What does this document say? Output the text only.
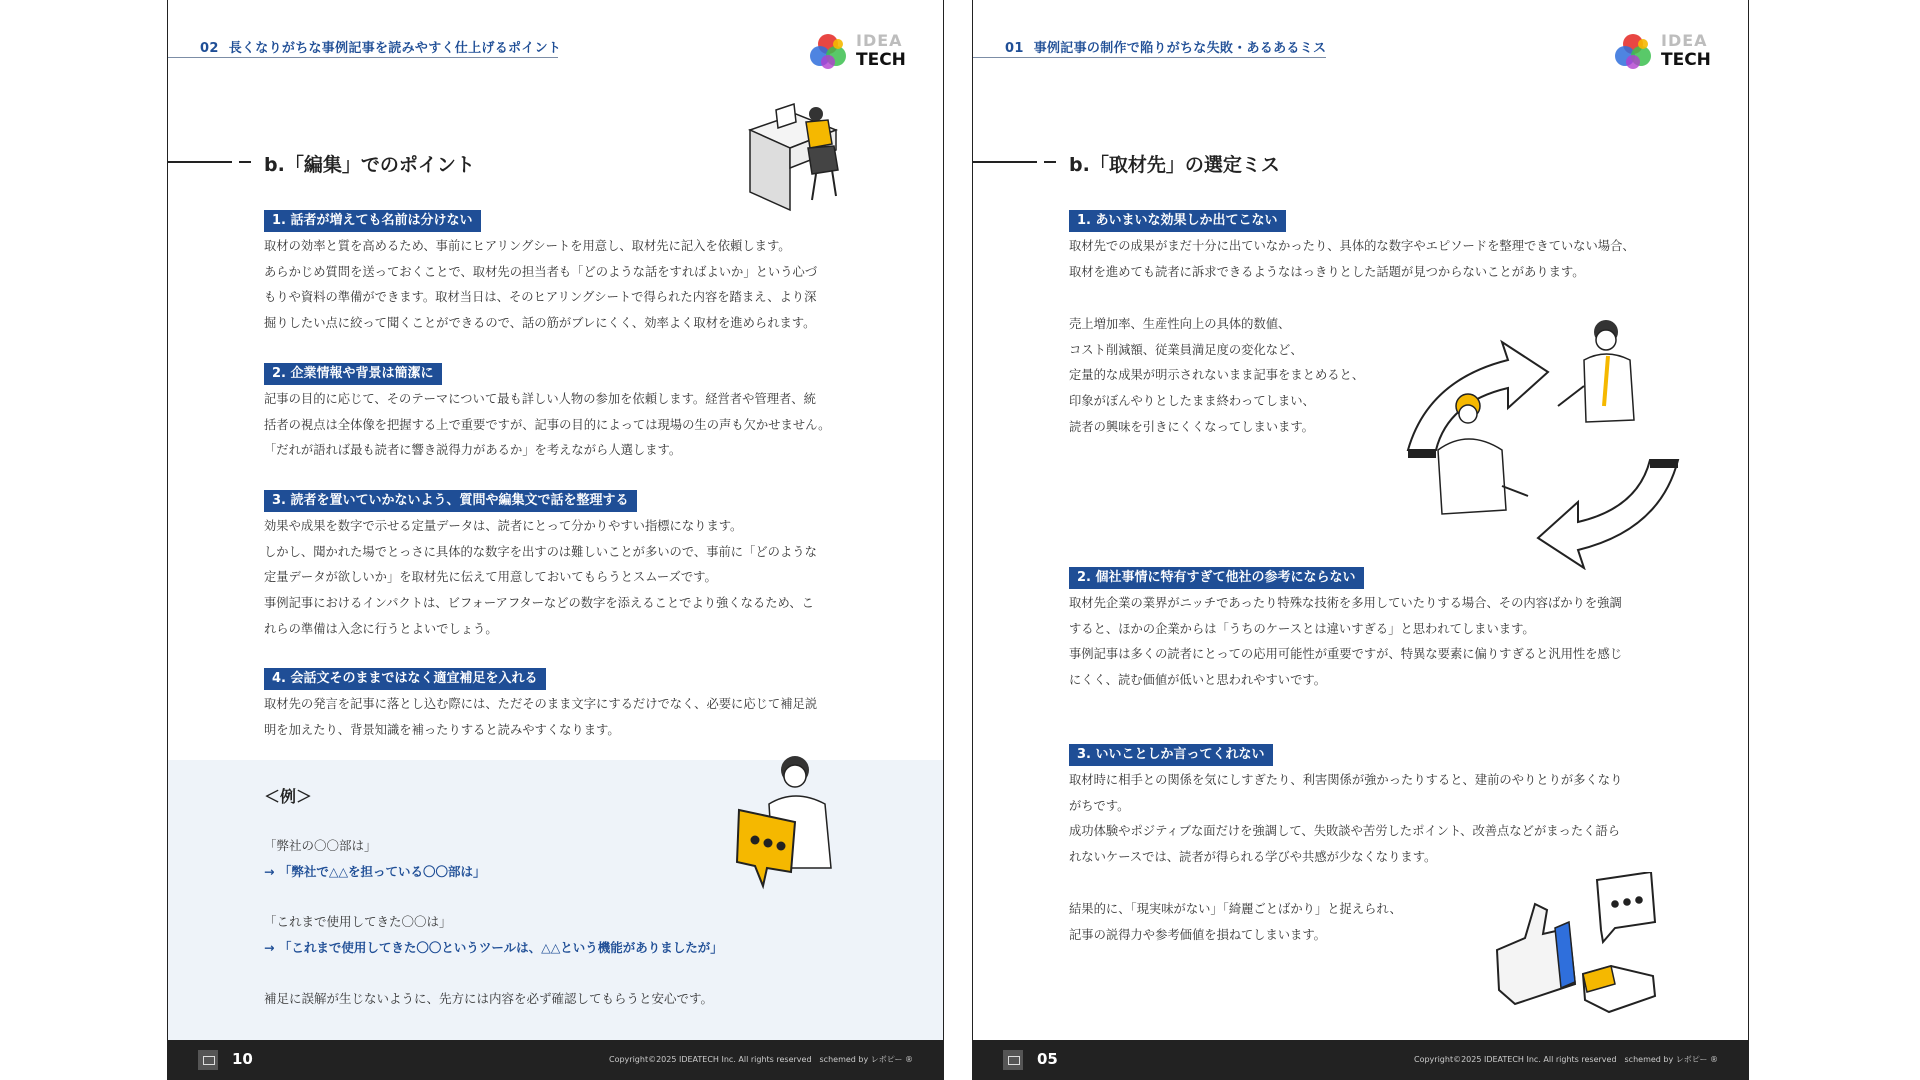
02 長くなりがちな事例記事を読みやすく仕上げるポイント	IDEA
TECH
b.「編集」でのポイント
1. 話者が増えても名前は分けない

取材の効率と質を高めるため、事前にヒアリングシートを用意し、取材先に記入を依頼します。

あらかじめ質問を送っておくことで、取材先の担当者も「どのような話をすればよいか」という心づ

もりや資料の準備ができます。取材当日は、そのヒアリングシートで得られた内容を踏まえ、より深

掘りしたい点に絞って聞くことができるので、話の筋がブレにくく、効率よく取材を進められます。

2. 企業情報や背景は簡潔に

記事の目的に応じて、そのテーマについて最も詳しい人物の参加を依頼します。経営者や管理者、統

括者の視点は全体像を把握する上で重要ですが、記事の目的によっては現場の生の声も欠かせません。

「だれが語れば最も読者に響き説得力があるか」を考えながら人選します。

3. 読者を置いていかないよう、質問や編集文で話を整理する

効果や成果を数字で示せる定量データは、読者にとって分かりやすい指標になります。

しかし、聞かれた場でとっさに具体的な数字を出すのは難しいことが多いので、事前に「どのような

定量データが欲しいか」を取材先に伝えて用意しておいてもらうとスムーズです。

事例記事におけるインパクトは、ビフォーアフターなどの数字を添えることでより強くなるため、こ

れらの準備は入念に行うとよいでしょう。

4. 会話文そのままではなく適宜補足を入れる

取材先の発言を記事に落とし込む際には、ただそのまま文字にするだけでなく、必要に応じて補足説

明を加えたり、背景知識を補ったりすると読みやすくなります。

＜例＞
「弊社の〇〇部は」
→ 「弊社で△△を担っている〇〇部は」
「これまで使用してきた〇〇は」
→ 「これまで使用してきた〇〇というツールは、△△という機能がありましたが」
補足に誤解が生じないように、先方には内容を必ず確認してもらうと安心です。
10	Copyright©2025 IDEATECH Inc. All rights reserved　schemed by レボピー ®
01 事例記事の制作で陥りがちな失敗・あるあるミス	IDEA
TECH
b.「取材先」の選定ミス
1. あいまいな効果しか出てこない

取材先での成果がまだ十分に出ていなかったり、具体的な数字やエピソードを整理できていない場合、

取材を進めても読者に訴求できるようなはっきりとした話題が見つからないことがあります。

売上増加率、生産性向上の具体的数値、

コスト削減額、従業員満足度の変化など、

定量的な成果が明示されないまま記事をまとめると、

印象がぼんやりとしたまま終わってしまい、

読者の興味を引きにくくなってしまいます。

2. 個社事情に特有すぎて他社の参考にならない

取材先企業の業界がニッチであったり特殊な技術を多用していたりする場合、その内容ばかりを強調

すると、ほかの企業からは「うちのケースとは違いすぎる」と思われてしまいます。

事例記事は多くの読者にとっての応用可能性が重要ですが、特異な要素に偏りすぎると汎用性を感じ

にくく、読む価値が低いと思われやすいです。

3. いいことしか言ってくれない

取材時に相手との関係を気にしすぎたり、利害関係が強かったりすると、建前のやりとりが多くなり

がちです。

成功体験やポジティブな面だけを強調して、失敗談や苦労したポイント、改善点などがまったく語ら

れないケースでは、読者が得られる学びや共感が少なくなります。

結果的に、「現実味がない」「綺麗ごとばかり」と捉えられ、

記事の説得力や参考価値を損ねてしまいます。

05	Copyright©2025 IDEATECH Inc. All rights reserved　schemed by レボピー ®
